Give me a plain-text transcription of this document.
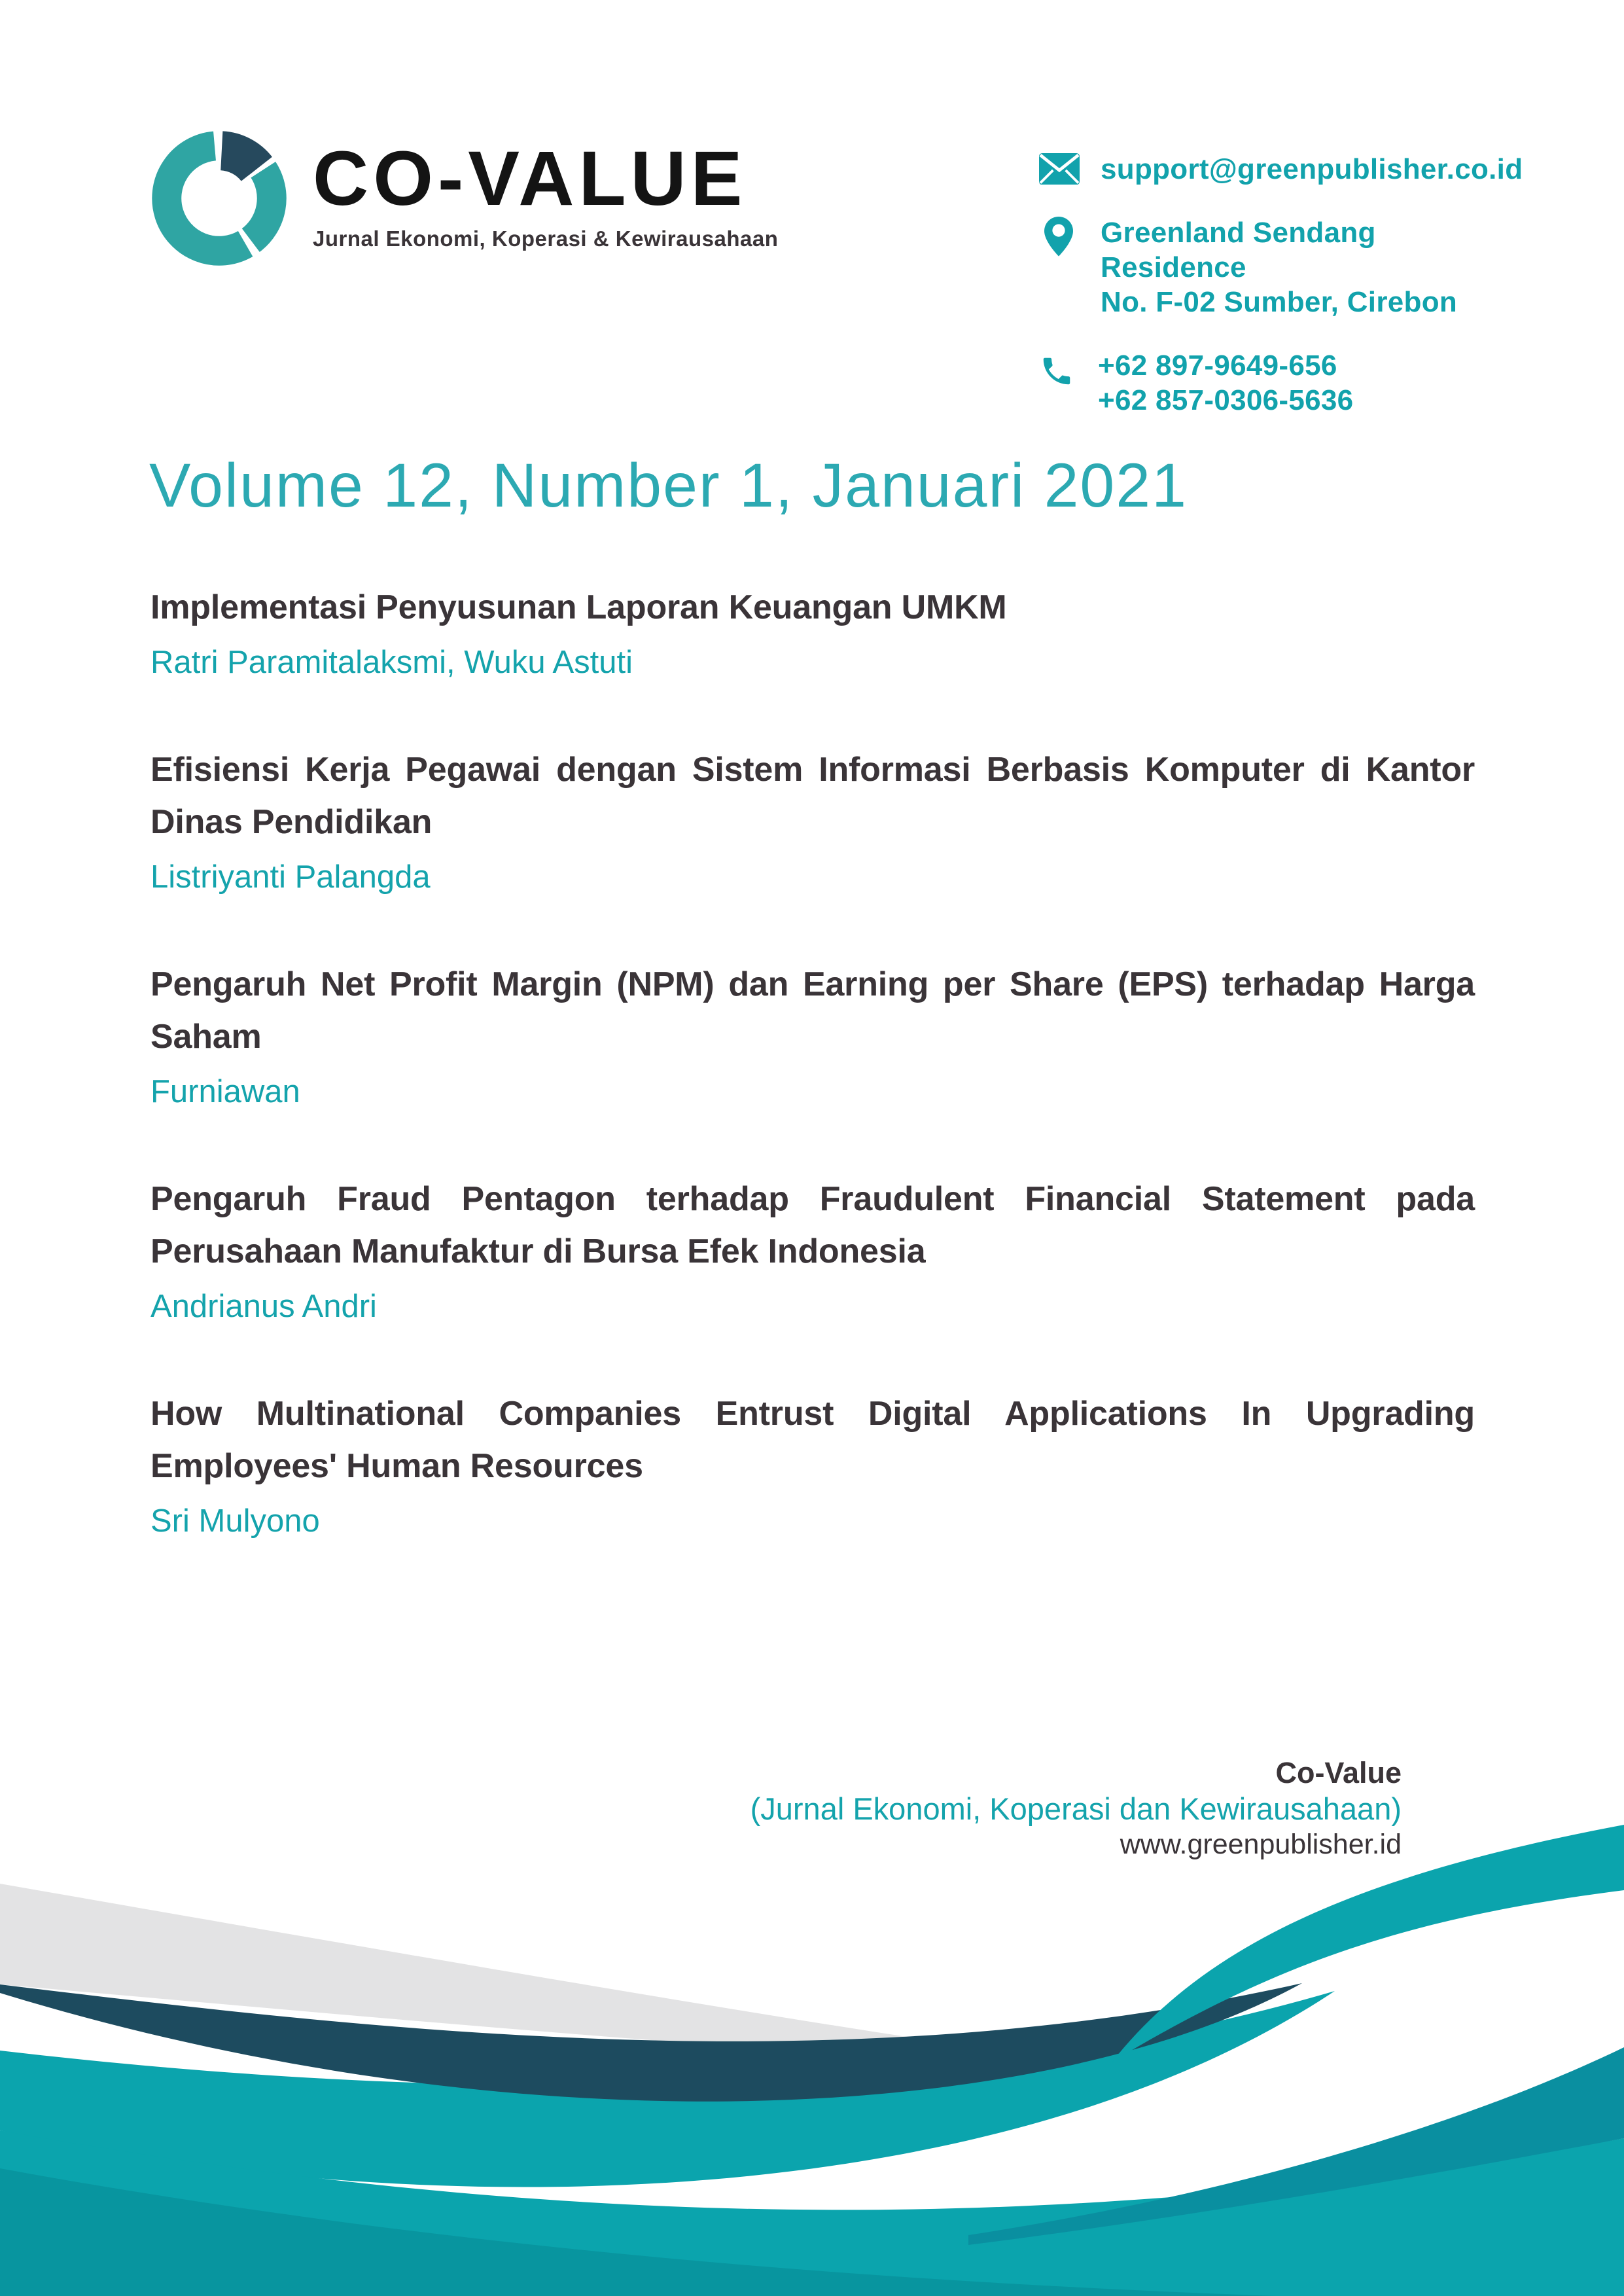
CO-VALUE
Jurnal Ekonomi, Koperasi & Kewirausahaan
support@greenpublisher.co.id
Greenland Sendang Residence
No. F-02 Sumber, Cirebon
+62 897-9649-656
+62 857-0306-5636
Volume 12, Number 1, Januari 2021
Implementasi Penyusunan Laporan Keuangan UMKM
Ratri Paramitalaksmi, Wuku Astuti
Efisiensi Kerja Pegawai dengan Sistem Informasi Berbasis Komputer di Kantor Dinas Pendidikan
Listriyanti Palangda
Pengaruh Net Profit Margin (NPM) dan Earning per Share (EPS) terhadap Harga Saham
Furniawan
Pengaruh Fraud Pentagon terhadap Fraudulent Financial Statement pada Perusahaan Manufaktur di Bursa Efek Indonesia
Andrianus Andri
How Multinational Companies Entrust Digital Applications In Upgrading Employees' Human Resources
Sri Mulyono
Co-Value
(Jurnal Ekonomi, Koperasi dan Kewirausahaan)
www.greenpublisher.id
